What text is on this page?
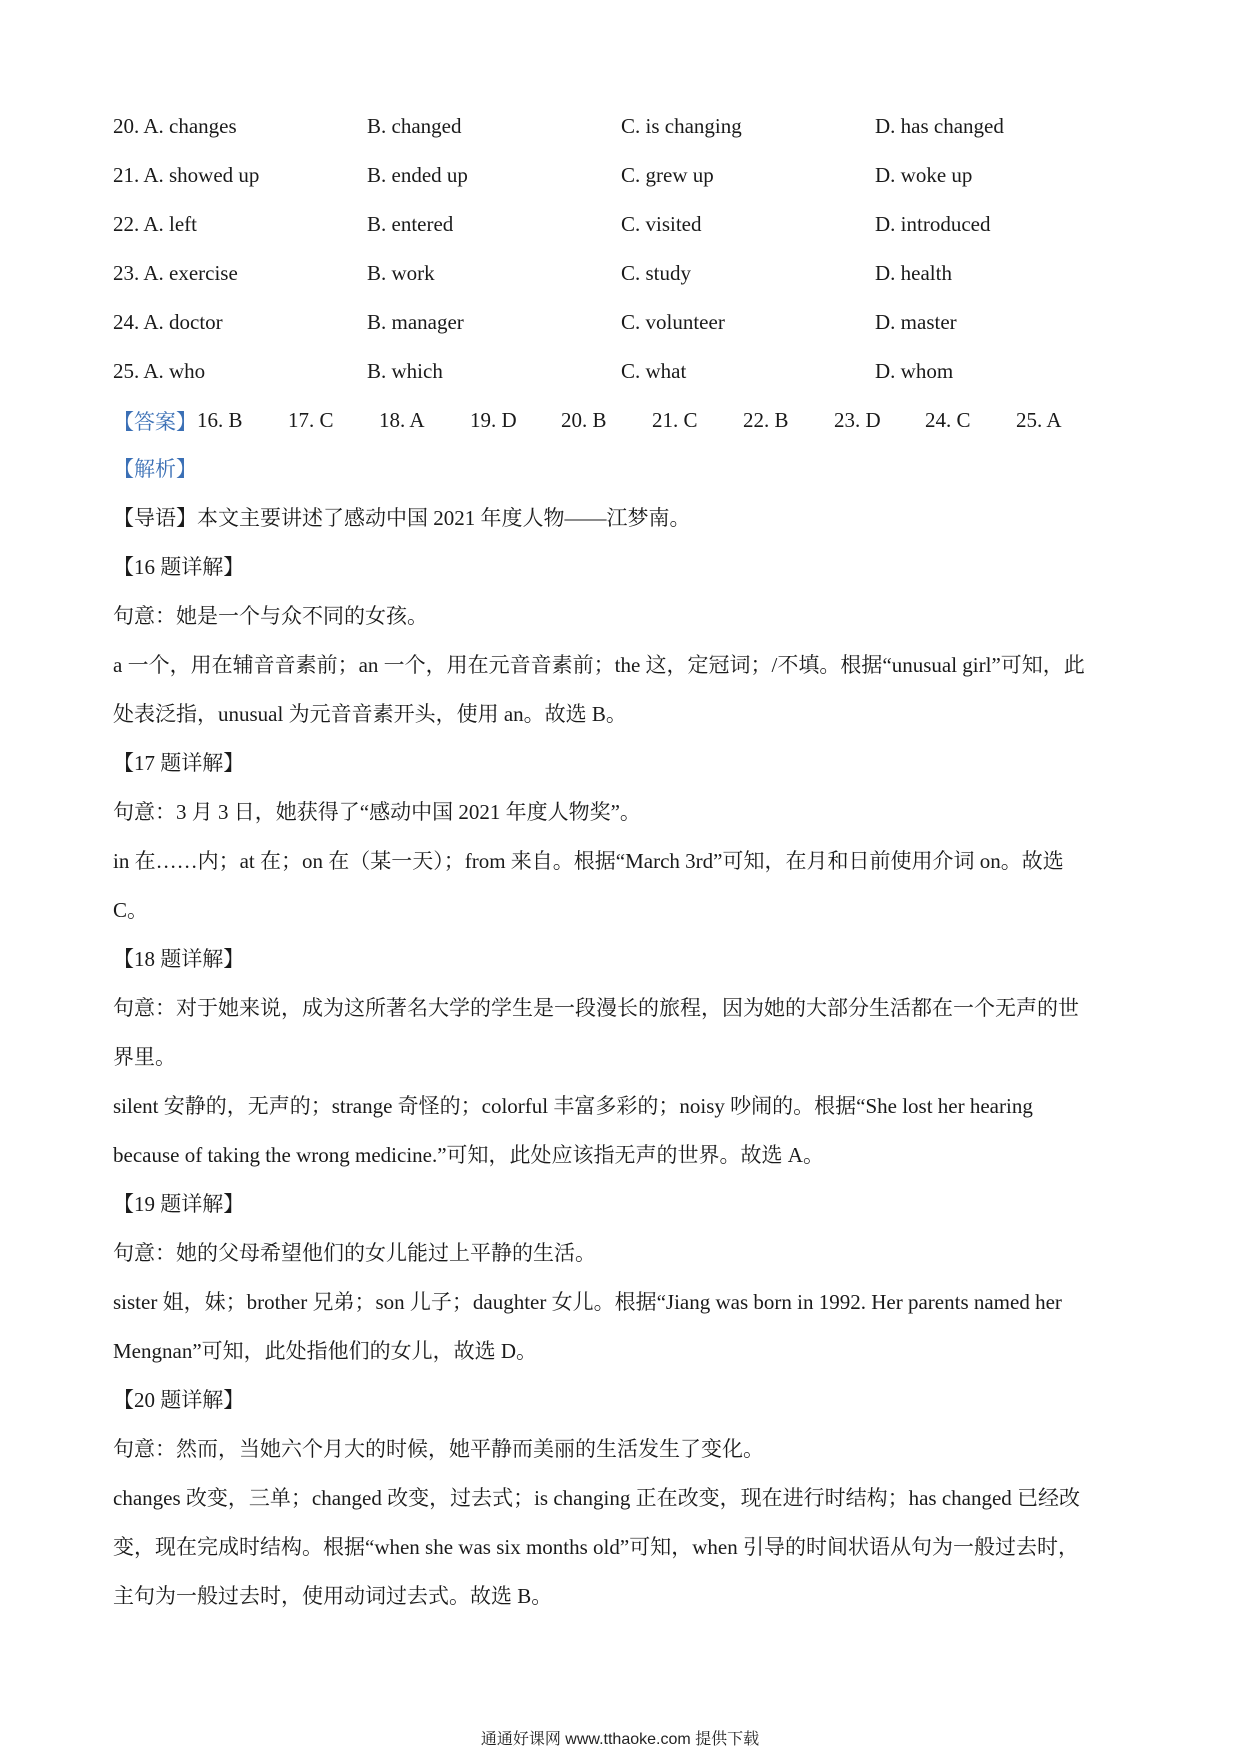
20. A. changes	B. changed	C. is changing	D. has changed
21. A. showed up	B. ended up	C. grew up	D. woke up
22. A. left	B. entered	C. visited	D. introduced
23. A. exercise	B. work	C. study	D. health
24. A. doctor	B. manager	C. volunteer	D. master
25. A. who	B. which	C. what	D. whom
【答案】 16. B	17. C	18. A	19. D	20. B	21. C	22. B	23. D	24. C	25. A
【解析】
【导语】本文主要讲述了感动中国 2021 年度人物——江梦南。
【16 题详解】
句意：她是一个与众不同的女孩。
a 一个，用在辅音音素前；an 一个，用在元音音素前；the 这，定冠词；/不填。根据“unusual girl”可知，此
处表泛指，unusual 为元音音素开头，使用 an。故选 B。
【17 题详解】
句意：3 月 3 日，她获得了“感动中国 2021 年度人物奖”。
in 在……内；at 在；on 在（某一天）；from 来自。根据“March 3rd”可知，在月和日前使用介词 on。故选
C。
【18 题详解】
句意：对于她来说，成为这所著名大学的学生是一段漫长的旅程，因为她的大部分生活都在一个无声的世
界里。
silent 安静的，无声的；strange 奇怪的；colorful 丰富多彩的；noisy 吵闹的。根据“She lost her hearing
because of taking the wrong medicine.”可知，此处应该指无声的世界。故选 A。
【19 题详解】
句意：她的父母希望他们的女儿能过上平静的生活。
sister 姐，妹；brother 兄弟；son 儿子；daughter 女儿。根据“Jiang was born in 1992. Her parents named her
Mengnan”可知，此处指他们的女儿，故选 D。
【20 题详解】
句意：然而，当她六个月大的时候，她平静而美丽的生活发生了变化。
changes 改变，三单；changed 改变，过去式；is changing 正在改变，现在进行时结构；has changed 已经改
变，现在完成时结构。根据“when she was six months old”可知，when 引导的时间状语从句为一般过去时，
主句为一般过去时，使用动词过去式。故选 B。
通通好课网 www.tthaoke.com 提供下载
